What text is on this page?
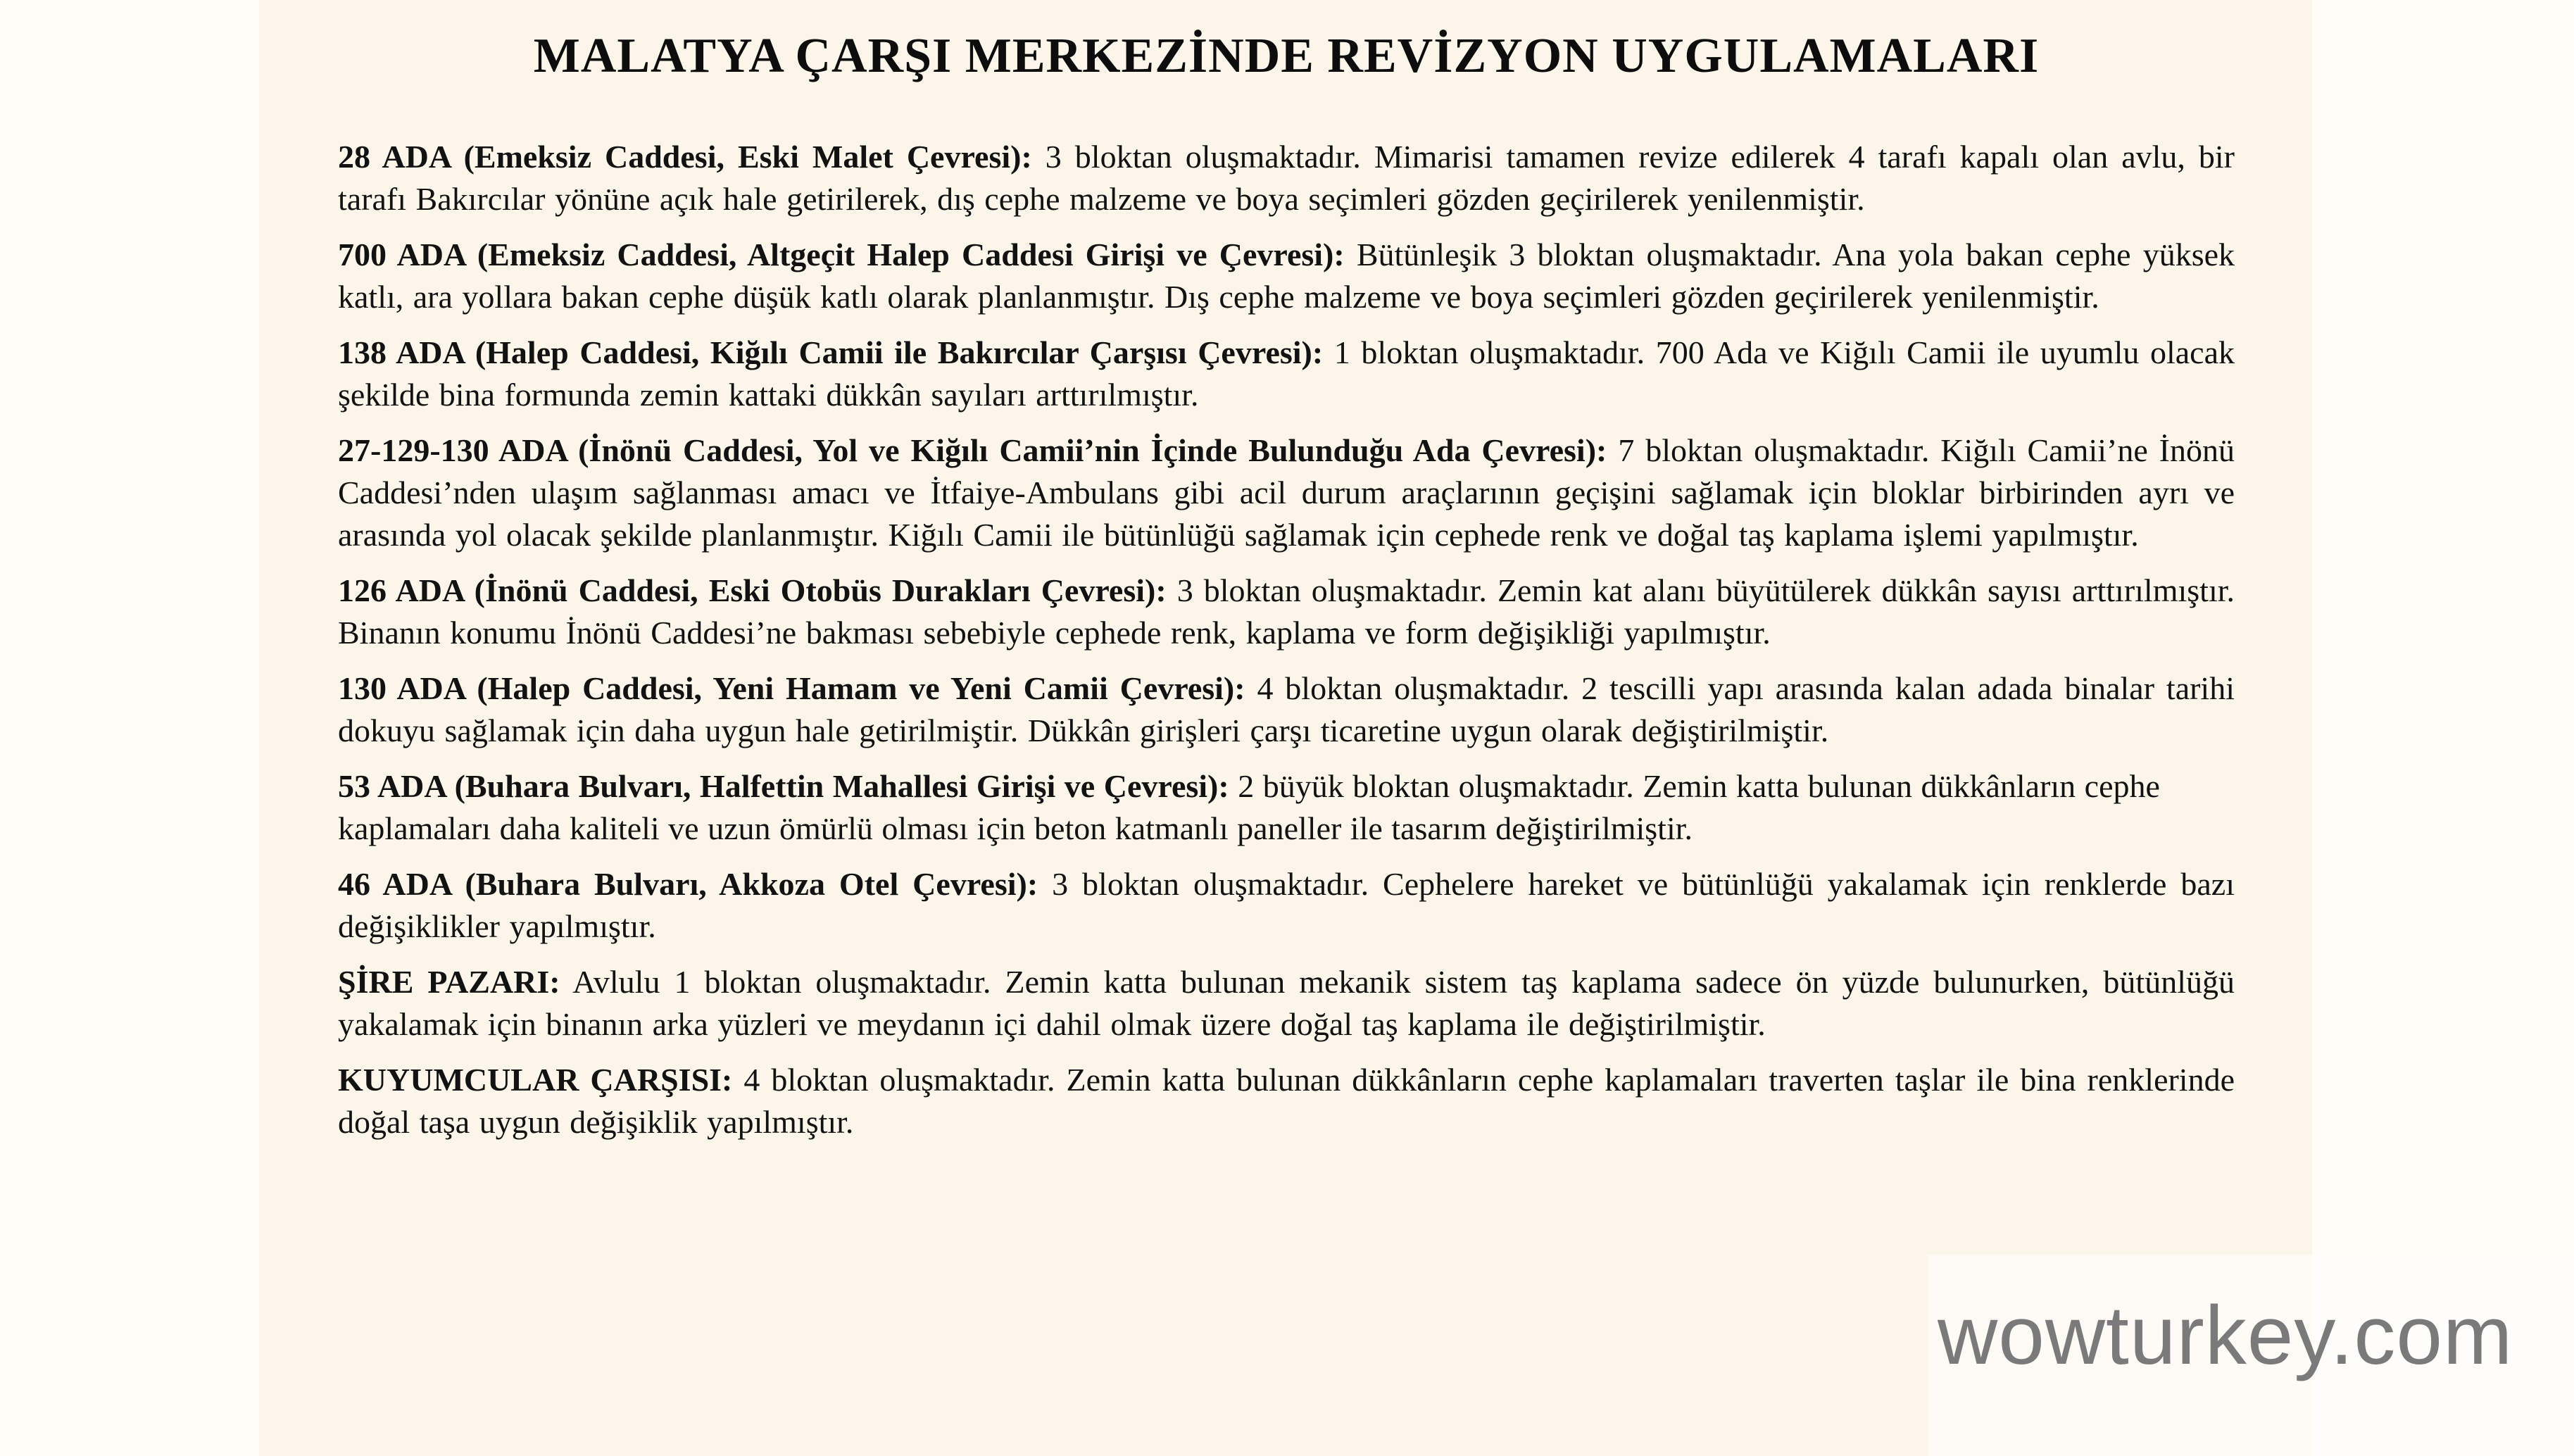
MALATYA ÇARŞI MERKEZİNDE REVİZYON UYGULAMALARI

28 ADA (Emeksiz Caddesi, Eski Malet Çevresi): 3 bloktan oluşmaktadır. Mimarisi tamamen revize edilerek 4 tarafı kapalı olan avlu, bir tarafı Bakırcılar yönüne açık hale getirilerek, dış cephe malzeme ve boya seçimleri gözden geçirilerek yenilenmiştir.

700 ADA (Emeksiz Caddesi, Altgeçit Halep Caddesi Girişi ve Çevresi): Bütünleşik 3 bloktan oluşmaktadır. Ana yola bakan cephe yüksek katlı, ara yollara bakan cephe düşük katlı olarak planlanmıştır. Dış cephe malzeme ve boya seçimleri gözden geçirilerek yenilenmiştir.

138 ADA (Halep Caddesi, Kiğılı Camii ile Bakırcılar Çarşısı Çevresi): 1 bloktan oluşmaktadır. 700 Ada ve Kiğılı Camii ile uyumlu olacak şekilde bina formunda zemin kattaki dükkân sayıları arttırılmıştır.

27-129-130 ADA (İnönü Caddesi, Yol ve Kiğılı Camii’nin İçinde Bulunduğu Ada Çevresi): 7 bloktan oluşmaktadır. Kiğılı Camii’ne İnönü Caddesi’nden ulaşım sağlanması amacı ve İtfaiye-Ambulans gibi acil durum araçlarının geçişini sağlamak için bloklar birbirinden ayrı ve arasında yol olacak şekilde planlanmıştır. Kiğılı Camii ile bütünlüğü sağlamak için cephede renk ve doğal taş kaplama işlemi yapılmıştır.

126 ADA (İnönü Caddesi, Eski Otobüs Durakları Çevresi): 3 bloktan oluşmaktadır. Zemin kat alanı büyütülerek dükkân sayısı arttırılmıştır. Binanın konumu İnönü Caddesi’ne bakması sebebiyle cephede renk, kaplama ve form değişikliği yapılmıştır.

130 ADA (Halep Caddesi, Yeni Hamam ve Yeni Camii Çevresi): 4 bloktan oluşmaktadır. 2 tescilli yapı arasında kalan adada binalar tarihi dokuyu sağlamak için daha uygun hale getirilmiştir. Dükkân girişleri çarşı ticaretine uygun olarak değiştirilmiştir.

53 ADA (Buhara Bulvarı, Halfettin Mahallesi Girişi ve Çevresi): 2 büyük bloktan oluşmaktadır. Zemin katta bulunan dükkânların cephe kaplamaları daha kaliteli ve uzun ömürlü olması için beton katmanlı paneller ile tasarım değiştirilmiştir.

46 ADA (Buhara Bulvarı, Akkoza Otel Çevresi): 3 bloktan oluşmaktadır. Cephelere hareket ve bütünlüğü yakalamak için renklerde bazı değişiklikler yapılmıştır.

ŞİRE PAZARI: Avlulu 1 bloktan oluşmaktadır. Zemin katta bulunan mekanik sistem taş kaplama sadece ön yüzde bulunurken, bütünlüğü yakalamak için binanın arka yüzleri ve meydanın içi dahil olmak üzere doğal taş kaplama ile değiştirilmiştir.

KUYUMCULAR ÇARŞISI: 4 bloktan oluşmaktadır. Zemin katta bulunan dükkânların cephe kaplamaları traverten taşlar ile bina renklerinde doğal taşa uygun değişiklik yapılmıştır.

wowturkey.com
